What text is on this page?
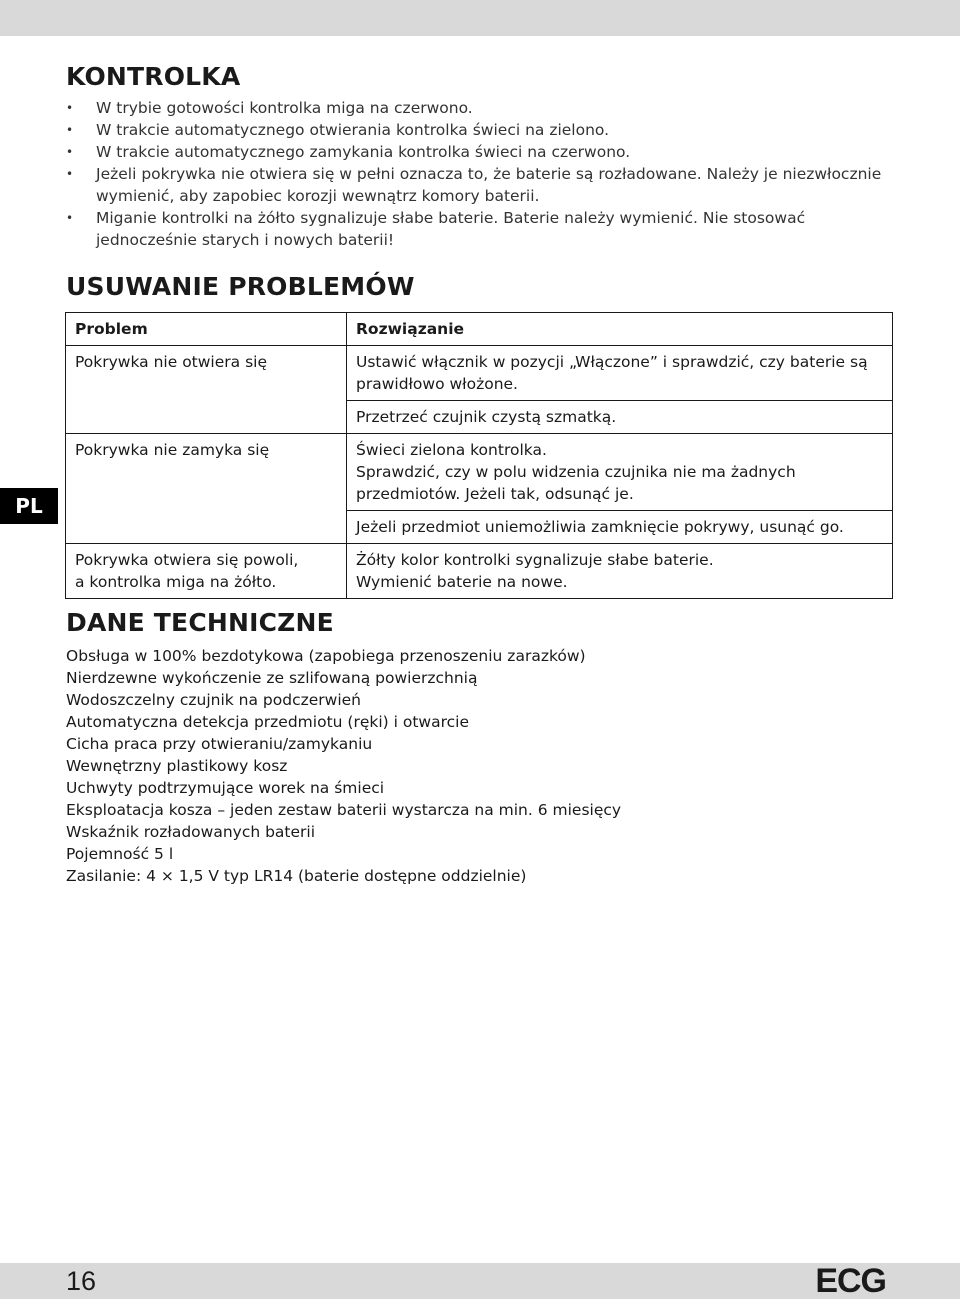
KONTROLKA
• W trybie gotowości kontrolka miga na czerwono.
• W trakcie automatycznego otwierania kontrolka świeci na zielono.
• W trakcie automatycznego zamykania kontrolka świeci na czerwono.
• Jeżeli pokrywka nie otwiera się w pełni oznacza to, że baterie są rozładowane. Należy je niezwłocznie wymienić, aby zapobiec korozji wewnątrz komory baterii.
• Miganie kontrolki na żółto sygnalizuje słabe baterie. Baterie należy wymienić. Nie stosować jednocześnie starych i nowych baterii!
USUWANIE PROBLEMÓW
Problem	Rozwiązanie
Pokrywka nie otwiera się	Ustawić włącznik w pozycji „Włączone” i sprawdzić, czy baterie są prawidłowo włożone.
	Przetrzeć czujnik czystą szmatką.
Pokrywka nie zamyka się	Świeci zielona kontrolka.
Sprawdzić, czy w polu widzenia czujnika nie ma żadnych przedmiotów. Jeżeli tak, odsunąć je.

	Jeżeli przedmiot uniemożliwia zamknięcie pokrywy, usunąć go.

Pokrywka otwiera się powoli,
a kontrolka miga na żółto.	Żółty kolor kontrolki sygnalizuje słabe baterie.
Wymienić baterie na nowe.
DANE TECHNICZNE
Obsługa w 100% bezdotykowa (zapobiega przenoszeniu zarazków)
Nierdzewne wykończenie ze szlifowaną powierzchnią
Wodoszczelny czujnik na podczerwień
Automatyczna detekcja przedmiotu (ręki) i otwarcie
Cicha praca przy otwieraniu/zamykaniu
Wewnętrzny plastikowy kosz
Uchwyty podtrzymujące worek na śmieci
Eksploatacja kosza – jeden zestaw baterii wystarcza na min. 6 miesięcy
Wskaźnik rozładowanych baterii
Pojemność 5 l
Zasilanie: 4 × 1,5 V typ LR14 (baterie dostępne oddzielnie)
PL
16	ECG
